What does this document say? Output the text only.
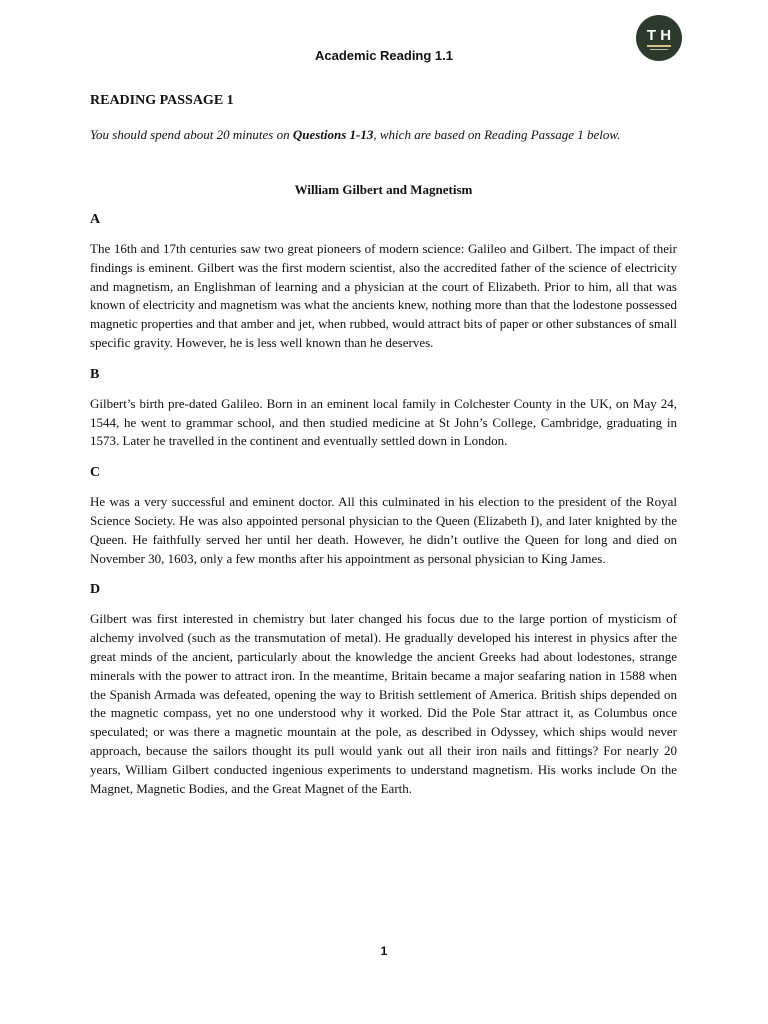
T H
Academic Reading 1.1
READING PASSAGE 1
You should spend about 20 minutes on Questions 1-13, which are based on Reading Passage 1 below.
William Gilbert and Magnetism
A
The 16th and 17th centuries saw two great pioneers of modern science: Galileo and Gilbert. The impact of their findings is eminent. Gilbert was the first modern scientist, also the accredited father of the science of electricity and magnetism, an Englishman of learning and a physician at the court of Elizabeth. Prior to him, all that was known of electricity and magnetism was what the ancients knew, nothing more than that the lodestone possessed magnetic properties and that amber and jet, when rubbed, would attract bits of paper or other substances of small specific gravity. However, he is less well known than he deserves.
B
Gilbert’s birth pre-dated Galileo. Born in an eminent local family in Colchester County in the UK, on May 24, 1544, he went to grammar school, and then studied medicine at St John’s College, Cambridge, graduating in 1573. Later he travelled in the continent and eventually settled down in London.
C
He was a very successful and eminent doctor. All this culminated in his election to the president of the Royal Science Society. He was also appointed personal physician to the Queen (Elizabeth I), and later knighted by the Queen. He faithfully served her until her death. However, he didn’t outlive the Queen for long and died on November 30, 1603, only a few months after his appointment as personal physician to King James.
D
Gilbert was first interested in chemistry but later changed his focus due to the large portion of mysticism of alchemy involved (such as the transmutation of metal). He gradually developed his interest in physics after the great minds of the ancient, particularly about the knowledge the ancient Greeks had about lodestones, strange minerals with the power to attract iron. In the meantime, Britain became a major seafaring nation in 1588 when the Spanish Armada was defeated, opening the way to British settlement of America. British ships depended on the magnetic compass, yet no one understood why it worked. Did the Pole Star attract it, as Columbus once speculated; or was there a magnetic mountain at the pole, as described in Odyssey, which ships would never approach, because the sailors thought its pull would yank out all their iron nails and fittings? For nearly 20 years, William Gilbert conducted ingenious experiments to understand magnetism. His works include On the Magnet, Magnetic Bodies, and the Great Magnet of the Earth.
1
